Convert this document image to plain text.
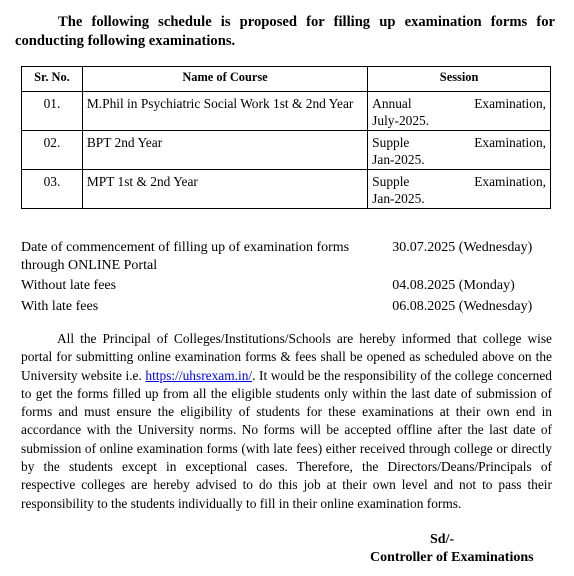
The following schedule is proposed for filling up examination forms for conducting following examinations.
Sr. No.	Name of Course	Session
01.	M.Phil in Psychiatric Social Work 1st & 2nd Year	Annual Examination,
July-2025.

02.	BPT 2nd Year	Supple Examination,
Jan-2025.

03.	MPT 1st & 2nd Year	Supple Examination,
Jan-2025.
Date of commencement of filling up of examination forms through ONLINE Portal
30.07.2025 (Wednesday)
Without late fees	04.08.2025 (Monday)
With late fees	06.08.2025 (Wednesday)
All the Principal of Colleges/Institutions/Schools are hereby informed that college wise portal for submitting online examination forms & fees shall be opened as scheduled above on the University website i.e. https://uhsrexam.in/. It would be the responsibility of the college concerned to get the forms filled up from all the eligible students only within the last date of submission of forms and must ensure the eligibility of students for these examinations at their own end in accordance with the University norms. No forms will be accepted offline after the last date of submission of online examination forms (with late fees) either received through college or directly by the students except in exceptional cases. Therefore, the Directors/Deans/Principals of respective colleges are hereby advised to do this job at their own level and not to pass their responsibility to the students individually to fill in their online examination forms.
Sd/-
Controller of Examinations
